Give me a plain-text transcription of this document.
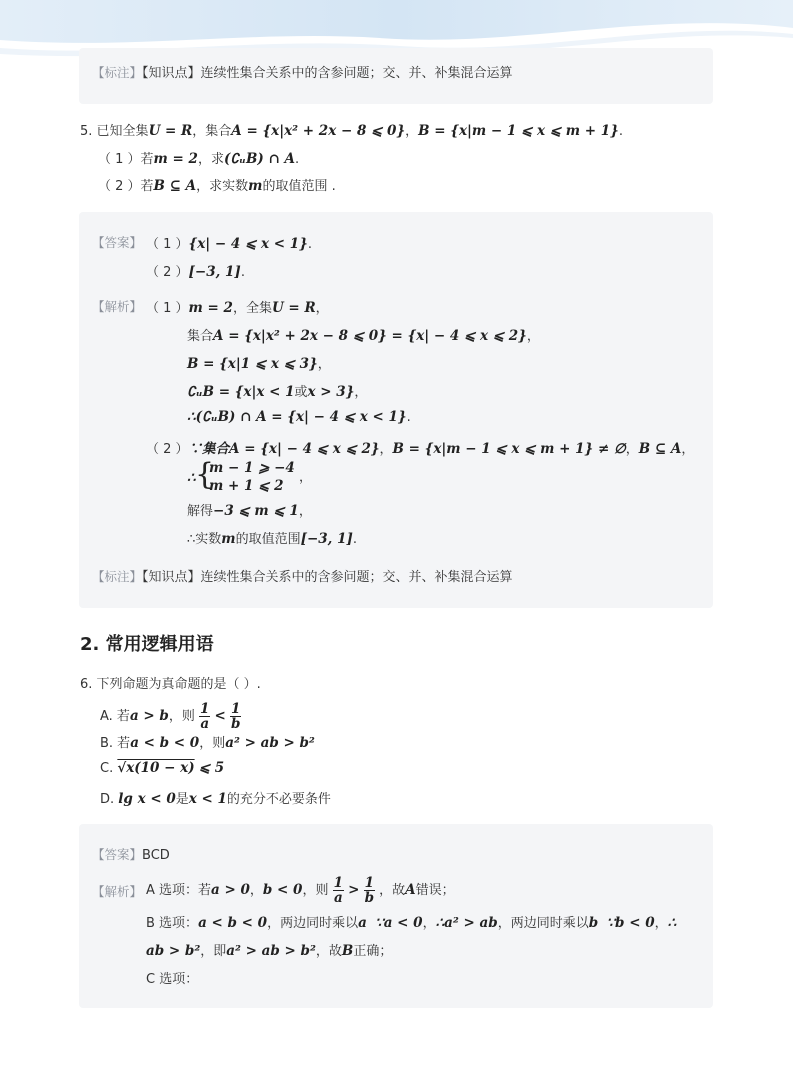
【标注】【知识点】连续性集合关系中的含参问题；交、并、补集混合运算
5. 已知全集U = R，集合A = {x|x² + 2x − 8 ⩽ 0}，B = {x|m − 1 ⩽ x ⩽ m + 1}.
（ 1 ）若m = 2，求(∁ᵤB) ∩ A.
（ 2 ）若B ⊆ A，求实数m的取值范围 .
【答案】 （ 1 ）{x| − 4 ⩽ x < 1}.
（ 2 ）[−3, 1].
【解析】 （ 1 ）m = 2，全集U = R，
集合A = {x|x² + 2x − 8 ⩽ 0} = {x| − 4 ⩽ x ⩽ 2}，
B = {x|1 ⩽ x ⩽ 3}，
∁ᵤB = {x|x < 1或x > 3}，
∴(∁ᵤB) ∩ A = {x| − 4 ⩽ x < 1}.
（ 2 ）∵集合A = {x| − 4 ⩽ x ⩽ 2}，B = {x|m − 1 ⩽ x ⩽ m + 1} ≠ ∅，B ⊆ A，
∴ {
m − 1 ⩾ −4
m + 1 ⩽ 2
，
解得−3 ⩽ m ⩽ 1，
∴实数m的取值范围[−3, 1].
【标注】【知识点】连续性集合关系中的含参问题；交、并、补集混合运算
2. 常用逻辑用语
6. 下列命题为真命题的是（ ）.
A. 若a > b，则 $\frac{1}{a} < \frac{1}{b}$
B. 若a < b < 0，则a² > ab > b²
C. √x(10 − x) ⩽ 5
D. lg x < 0是x < 1的充分不必要条件
【答案】BCD
【解析】 A 选项：若a > 0，b < 0，则 $\frac{1}{a} > \frac{1}{b}$ ，故A错误；
B 选项：a < b < 0，两边同时乘以a ∵a < 0，∴a² > ab，两边同时乘以b ∵b < 0，∴
ab > b²，即a² > ab > b²，故B正确；
C 选项：
